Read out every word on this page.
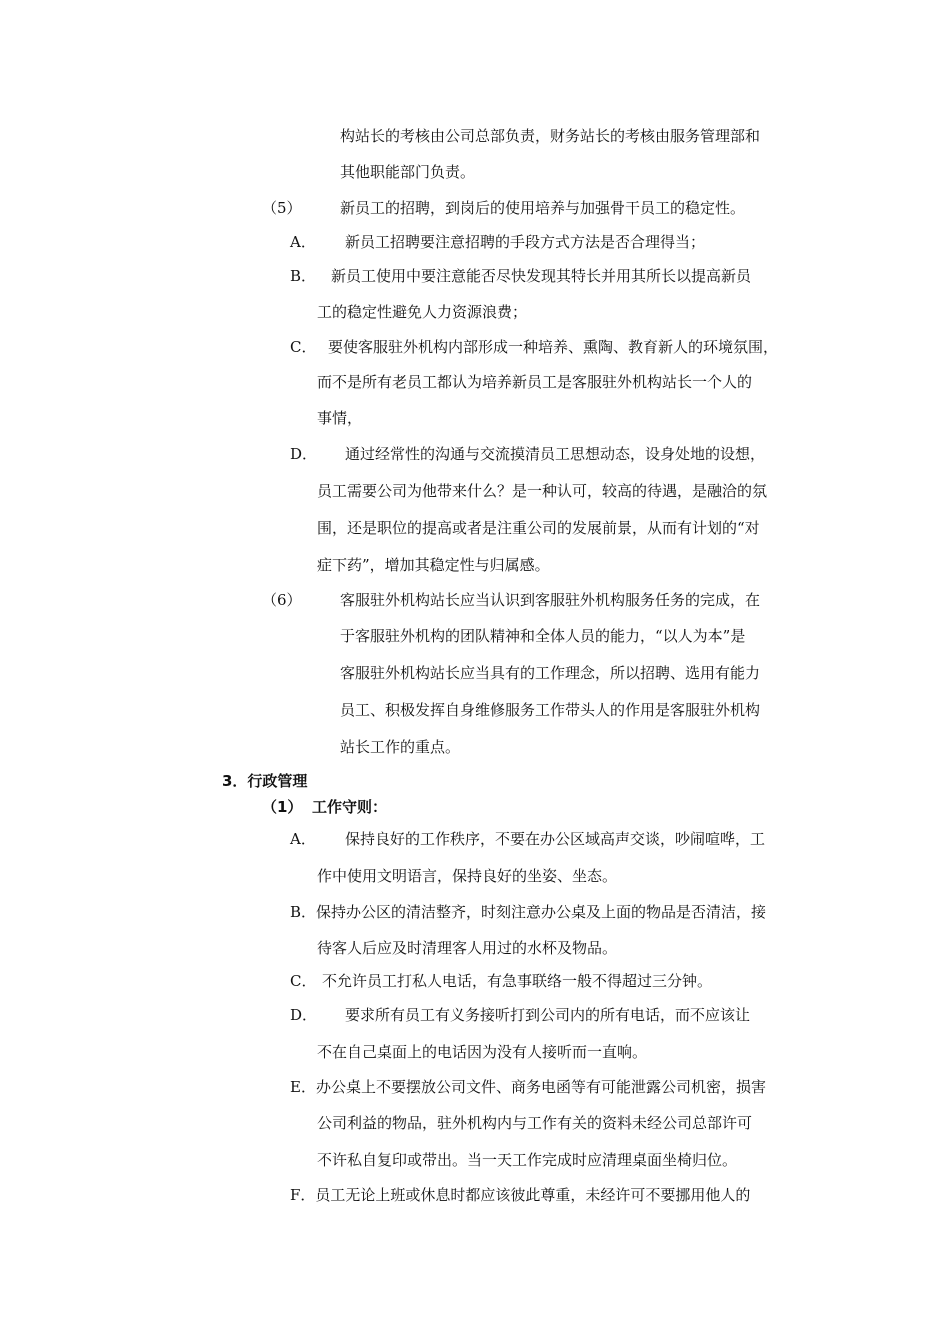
构站长的考核由公司总部负责，财务站长的考核由服务管理部和
其他职能部门负责。
（5）	新员工的招聘，到岗后的使用培养与加强骨干员工的稳定性。
A． 新员工招聘要注意招聘的手段方式方法是否合理得当；
B． 新员工使用中要注意能否尽快发现其特长并用其所长以提高新员
工的稳定性避免人力资源浪费；
C． 要使客服驻外机构内部形成一种培养、熏陶、教育新人的环境氛围，
而不是所有老员工都认为培养新员工是客服驻外机构站长一个人的
事情，
D． 通过经常性的沟通与交流摸清员工思想动态，设身处地的设想，
员工需要公司为他带来什么？是一种认可，较高的待遇，是融洽的氛
围，还是职位的提高或者是注重公司的发展前景，从而有计划的“对
症下药”，增加其稳定性与归属感。
（6）	客服驻外机构站长应当认识到客服驻外机构服务任务的完成，在
于客服驻外机构的团队精神和全体人员的能力，“以人为本”是
客服驻外机构站长应当具有的工作理念，所以招聘、选用有能力
员工、积极发挥自身维修服务工作带头人的作用是客服驻外机构
站长工作的重点。
3．行政管理
（1） 工作守则：
A． 保持良好的工作秩序，不要在办公区域高声交谈，吵闹喧哗，工
作中使用文明语言，保持良好的坐姿、坐态。
B．保持办公区的清洁整齐，时刻注意办公桌及上面的物品是否清洁，接
待客人后应及时清理客人用过的水杯及物品。
C． 不允许员工打私人电话，有急事联络一般不得超过三分钟。
D． 要求所有员工有义务接听打到公司内的所有电话，而不应该让
不在自己桌面上的电话因为没有人接听而一直响。
E．办公桌上不要摆放公司文件、商务电函等有可能泄露公司机密，损害
公司利益的物品，驻外机构内与工作有关的资料未经公司总部许可
不许私自复印或带出。当一天工作完成时应清理桌面坐椅归位。
F．员工无论上班或休息时都应该彼此尊重，未经许可不要挪用他人的
